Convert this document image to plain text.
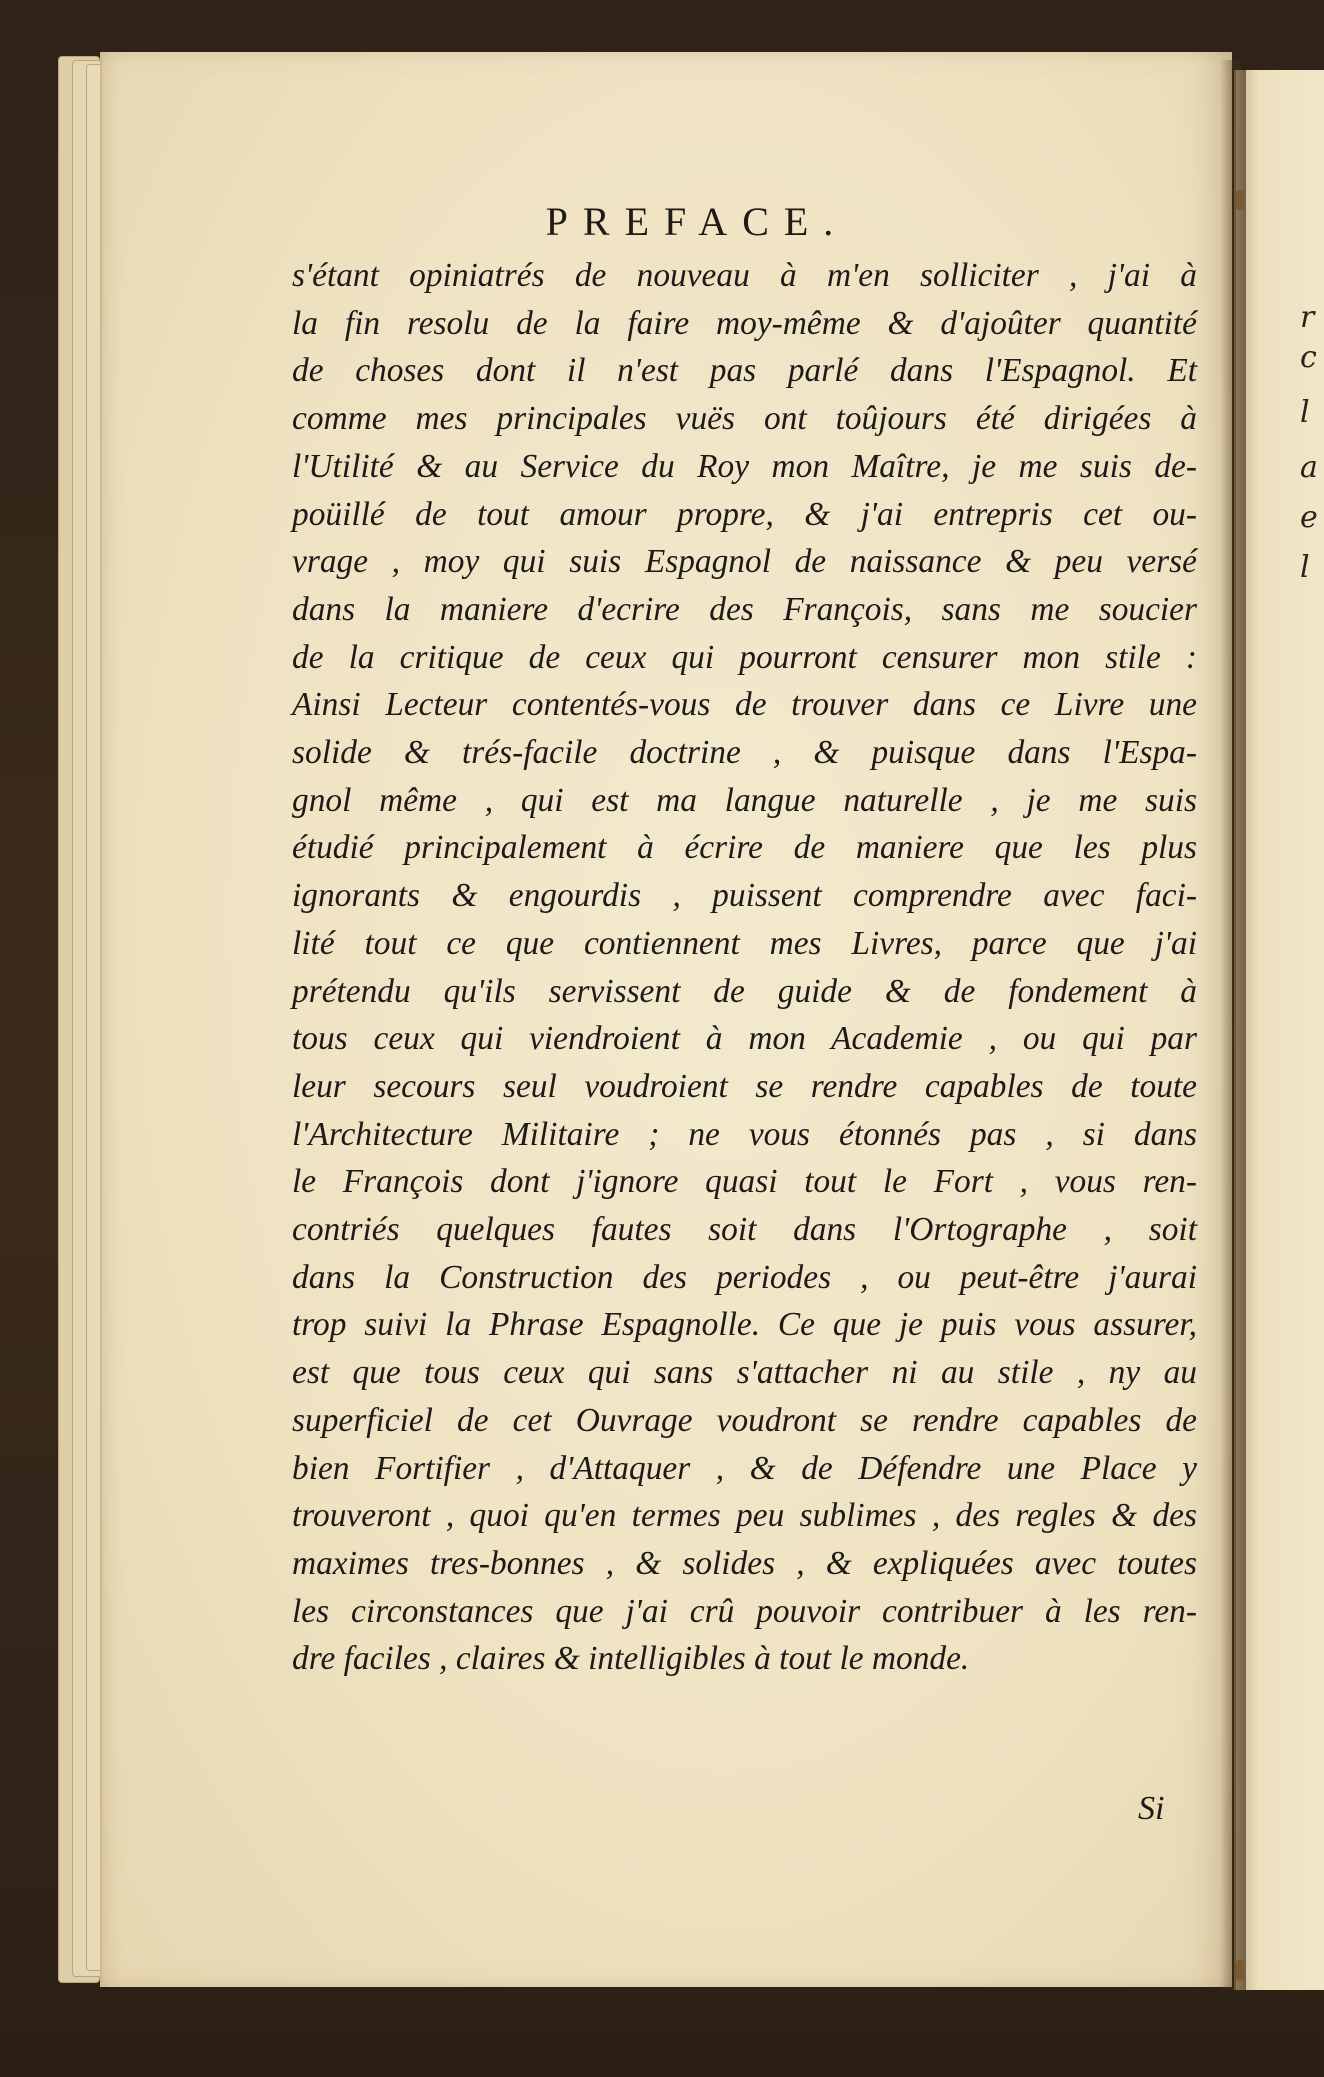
r
c
l
a
e
l
PREFACE.
s'étant opiniatrés de nouveau à m'en solliciter , j'ai à
la fin resolu de la faire moy-même & d'ajoûter quantité
de choses dont il n'est pas parlé dans l'Espagnol. Et
comme mes principales vuës ont toûjours été dirigées à
l'Utilité & au Service du Roy mon Maître, je me suis de-
poüillé de tout amour propre, & j'ai entrepris cet ou-
vrage , moy qui suis Espagnol de naissance & peu versé
dans la maniere d'ecrire des François, sans me soucier
de la critique de ceux qui pourront censurer mon stile :
Ainsi Lecteur contentés-vous de trouver dans ce Livre une
solide & trés-facile doctrine , & puisque dans l'Espa-
gnol même , qui est ma langue naturelle , je me suis
étudié principalement à écrire de maniere que les plus
ignorants & engourdis , puissent comprendre avec faci-
lité tout ce que contiennent mes Livres, parce que j'ai
prétendu qu'ils servissent de guide & de fondement à
tous ceux qui viendroient à mon Academie , ou qui par
leur secours seul voudroient se rendre capables de toute
l'Architecture Militaire ; ne vous étonnés pas , si dans
le François dont j'ignore quasi tout le Fort , vous ren-
contriés quelques fautes soit dans l'Ortographe , soit
dans la Construction des periodes , ou peut-être j'aurai
trop suivi la Phrase Espagnolle. Ce que je puis vous assurer,
est que tous ceux qui sans s'attacher ni au stile , ny au
superficiel de cet Ouvrage voudront se rendre capables de
bien Fortifier , d'Attaquer , & de Défendre une Place y
trouveront , quoi qu'en termes peu sublimes , des regles & des
maximes tres-bonnes , & solides , & expliquées avec toutes
les circonstances que j'ai crû pouvoir contribuer à les ren-
dre faciles , claires & intelligibles à tout le monde.
Si
